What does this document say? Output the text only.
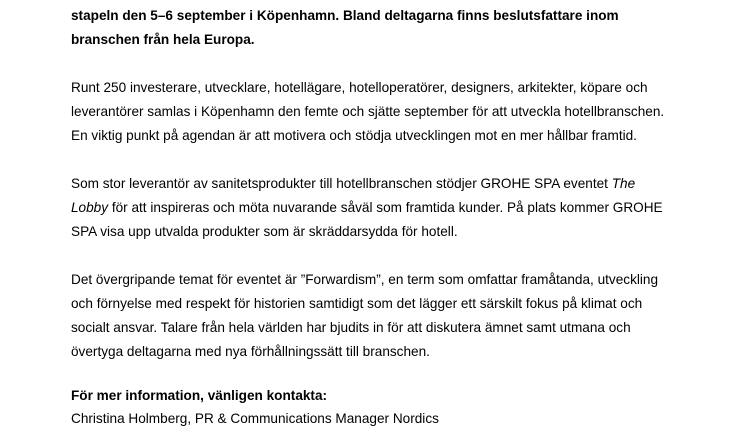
stapeln den 5–6 september i Köpenhamn. Bland deltagarna finns beslutsfattare inom
branschen från hela Europa.
Runt 250 investerare, utvecklare, hotellägare, hotelloperatörer, designers, arkitekter, köpare och
leverantörer samlas i Köpenhamn den femte och sjätte september för att utveckla hotellbranschen.
En viktig punkt på agendan är att motivera och stödja utvecklingen mot en mer hållbar framtid.
Som stor leverantör av sanitetsprodukter till hotellbranschen stödjer GROHE SPA eventet The
Lobby för att inspireras och möta nuvarande såväl som framtida kunder. På plats kommer GROHE
SPA visa upp utvalda produkter som är skräddarsydda för hotell.
Det övergripande temat för eventet är ”Forwardism”, en term som omfattar framåtanda, utveckling
och förnyelse med respekt för historien samtidigt som det lägger ett särskilt fokus på klimat och
socialt ansvar. Talare från hela världen har bjudits in för att diskutera ämnet samt utmana och
övertyga deltagarna med nya förhållningssätt till branschen.
För mer information, vänligen kontakta:
Christina Holmberg, PR & Communications Manager Nordics
